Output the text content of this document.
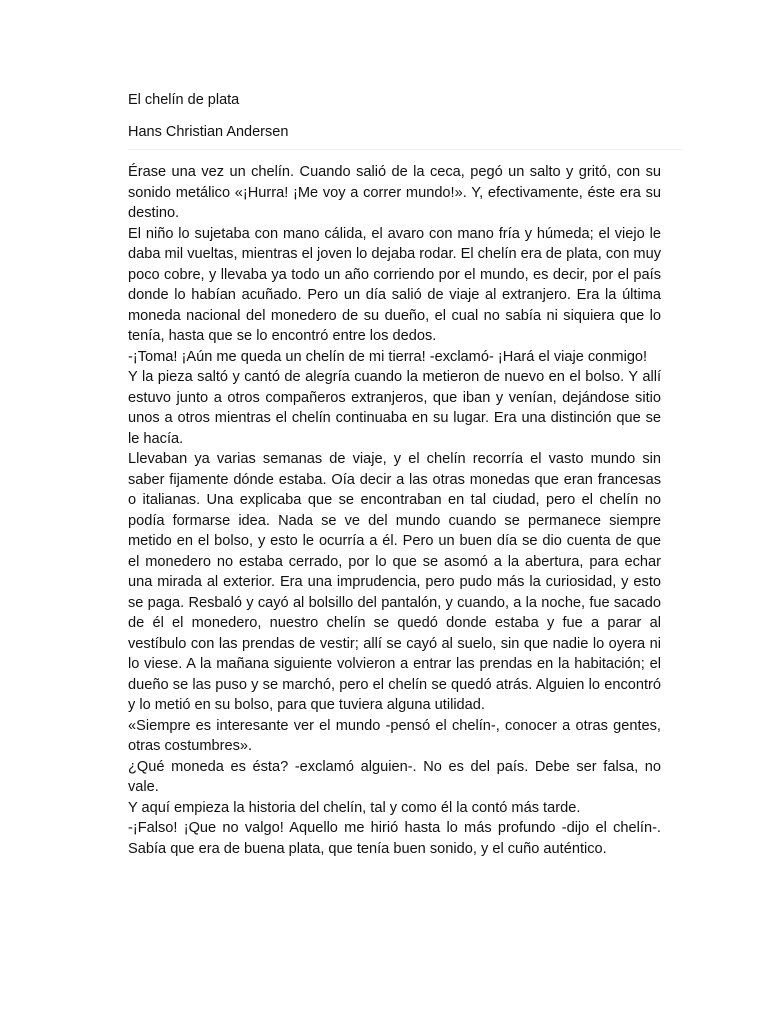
El chelín de plata

Hans Christian Andersen

Érase una vez un chelín. Cuando salió de la ceca, pegó un salto y gritó, con su sonido metálico «¡Hurra! ¡Me voy a correr mundo!». Y, efectivamente, éste era su destino.

El niño lo sujetaba con mano cálida, el avaro con mano fría y húmeda; el viejo le daba mil vueltas, mientras el joven lo dejaba rodar. El chelín era de plata, con muy poco cobre, y llevaba ya todo un año corriendo por el mundo, es decir, por el país donde lo habían acuñado. Pero un día salió de viaje al extranjero. Era la última moneda nacional del monedero de su dueño, el cual no sabía ni siquiera que lo tenía, hasta que se lo encontró entre los dedos.

-¡Toma! ¡Aún me queda un chelín de mi tierra! -exclamó- ¡Hará el viaje conmigo!

Y la pieza saltó y cantó de alegría cuando la metieron de nuevo en el bolso. Y allí estuvo junto a otros compañeros extranjeros, que iban y venían, dejándose sitio unos a otros mientras el chelín continuaba en su lugar. Era una distinción que se le hacía.

Llevaban ya varias semanas de viaje, y el chelín recorría el vasto mundo sin saber fijamente dónde estaba. Oía decir a las otras monedas que eran francesas o italianas. Una explicaba que se encontraban en tal ciudad, pero el chelín no podía formarse idea. Nada se ve del mundo cuando se permanece siempre metido en el bolso, y esto le ocurría a él. Pero un buen día se dio cuenta de que el monedero no estaba cerrado, por lo que se asomó a la abertura, para echar una mirada al exterior. Era una imprudencia, pero pudo más la curiosidad, y esto se paga. Resbaló y cayó al bolsillo del pantalón, y cuando, a la noche, fue sacado de él el monedero, nuestro chelín se quedó donde estaba y fue a parar al vestíbulo con las prendas de vestir; allí se cayó al suelo, sin que nadie lo oyera ni lo viese. A la mañana siguiente volvieron a entrar las prendas en la habitación; el dueño se las puso y se marchó, pero el chelín se quedó atrás. Alguien lo encontró y lo metió en su bolso, para que tuviera alguna utilidad.

«Siempre es interesante ver el mundo -pensó el chelín-, conocer a otras gentes, otras costumbres».

¿Qué moneda es ésta? -exclamó alguien-. No es del país. Debe ser falsa, no vale.

Y aquí empieza la historia del chelín, tal y como él la contó más tarde.

-¡Falso! ¡Que no valgo! Aquello me hirió hasta lo más profundo -dijo el chelín-. Sabía que era de buena plata, que tenía buen sonido, y el cuño auténtico.
